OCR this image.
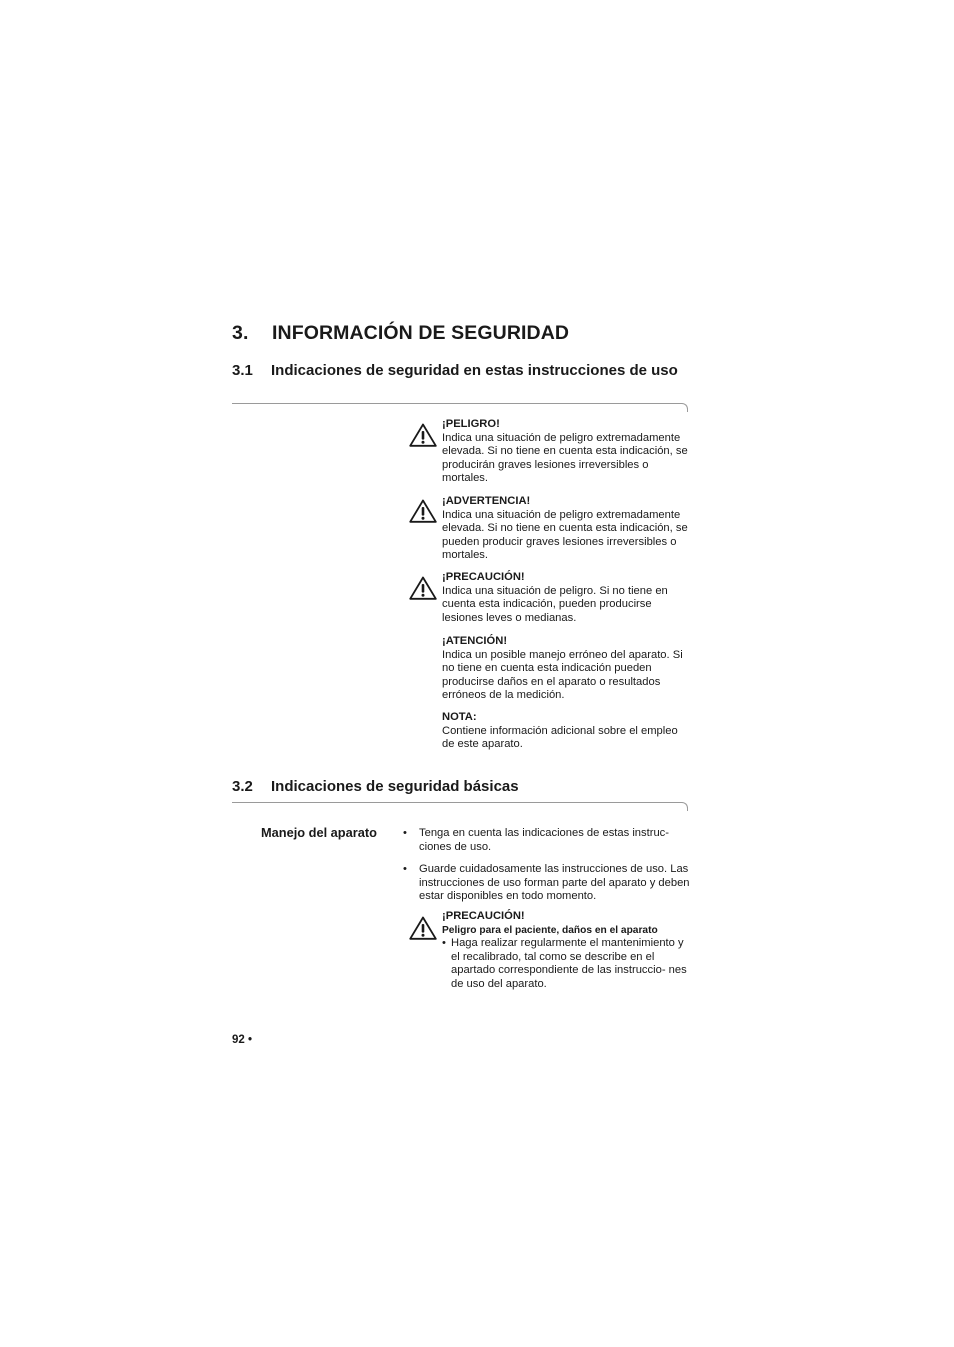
3. INFORMACIÓN DE SEGURIDAD
3.1 Indicaciones de seguridad en estas instrucciones de uso
¡PELIGRO!
Indica una situación de peligro extremadamente elevada. Si no tiene en cuenta esta indicación, se producirán graves lesiones irreversibles o mortales.
¡ADVERTENCIA!
Indica una situación de peligro extremadamente elevada. Si no tiene en cuenta esta indicación, se pueden producir graves lesiones irreversibles o mortales.
¡PRECAUCIÓN!
Indica una situación de peligro. Si no tiene en cuenta esta indicación, pueden producirse lesiones leves o medianas.
¡ATENCIÓN!
Indica un posible manejo erróneo del aparato. Si no tiene en cuenta esta indicación pueden producirse daños en el aparato o resultados erróneos de la medición.
NOTA:
Contiene información adicional sobre el empleo de este aparato.
3.2 Indicaciones de seguridad básicas
Manejo del aparato • Tenga en cuenta las indicaciones de estas instruc- ciones de uso.
• Guarde cuidadosamente las instrucciones de uso. Las instrucciones de uso forman parte del aparato y deben estar disponibles en todo momento.
¡PRECAUCIÓN!
Peligro para el paciente, daños en el aparato
• Haga realizar regularmente el mantenimiento y el recalibrado, tal como se describe en el apartado correspondiente de las instruccio- nes de uso del aparato.
92 •
